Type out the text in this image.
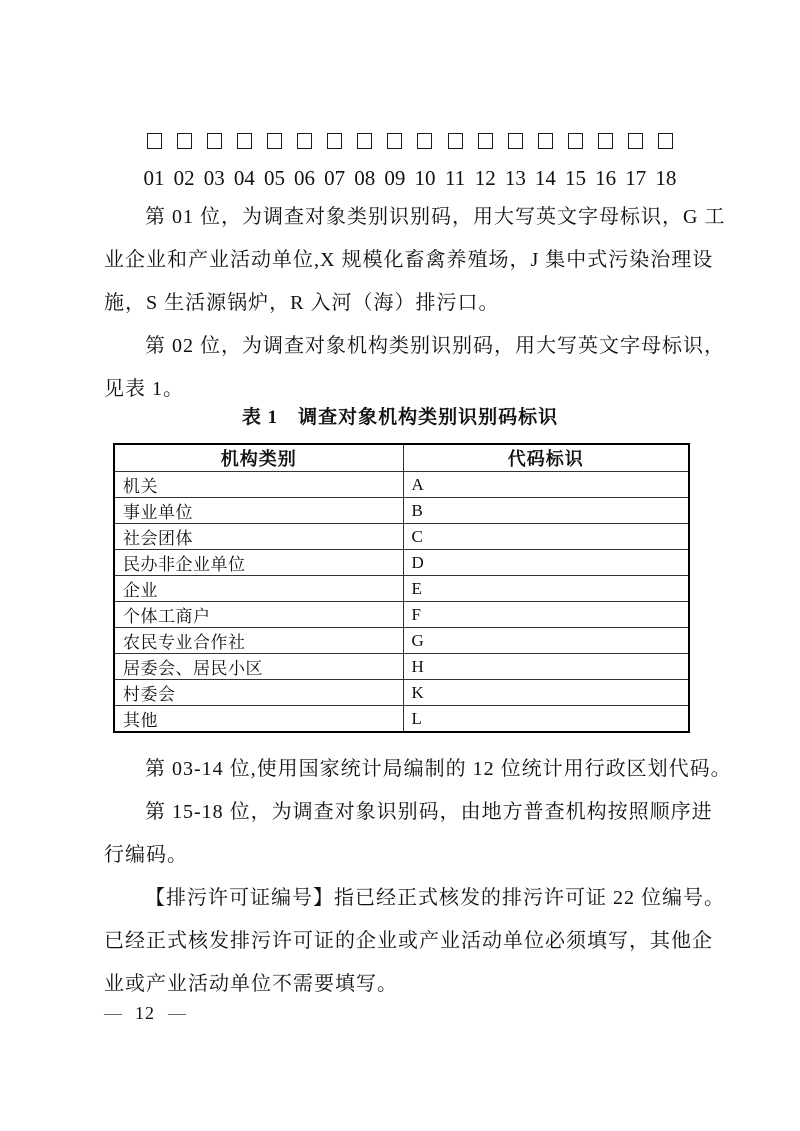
01 02 03 04 05 06 07 08 09 10 11 12 13 14 15 16 17 18
第 01 位，为调查对象类别识别码，用大写英文字母标识，G 工
业企业和产业活动单位,X 规模化畜禽养殖场，J 集中式污染治理设
施，S 生活源锅炉，R 入河（海）排污口。
第 02 位，为调查对象机构类别识别码，用大写英文字母标识，
见表 1。
表 1　调查对象机构类别识别码标识
机构类别	代码标识
机关	A
事业单位	B
社会团体	C
民办非企业单位	D
企业	E
个体工商户	F
农民专业合作社	G
居委会、居民小区	H
村委会	K
其他	L
第 03-14 位,使用国家统计局编制的 12 位统计用行政区划代码。
第 15-18 位，为调查对象识别码，由地方普查机构按照顺序进
行编码。
【排污许可证编号】指已经正式核发的排污许可证 22 位编号。
已经正式核发排污许可证的企业或产业活动单位必须填写，其他企
业或产业活动单位不需要填写。
— 12 —
